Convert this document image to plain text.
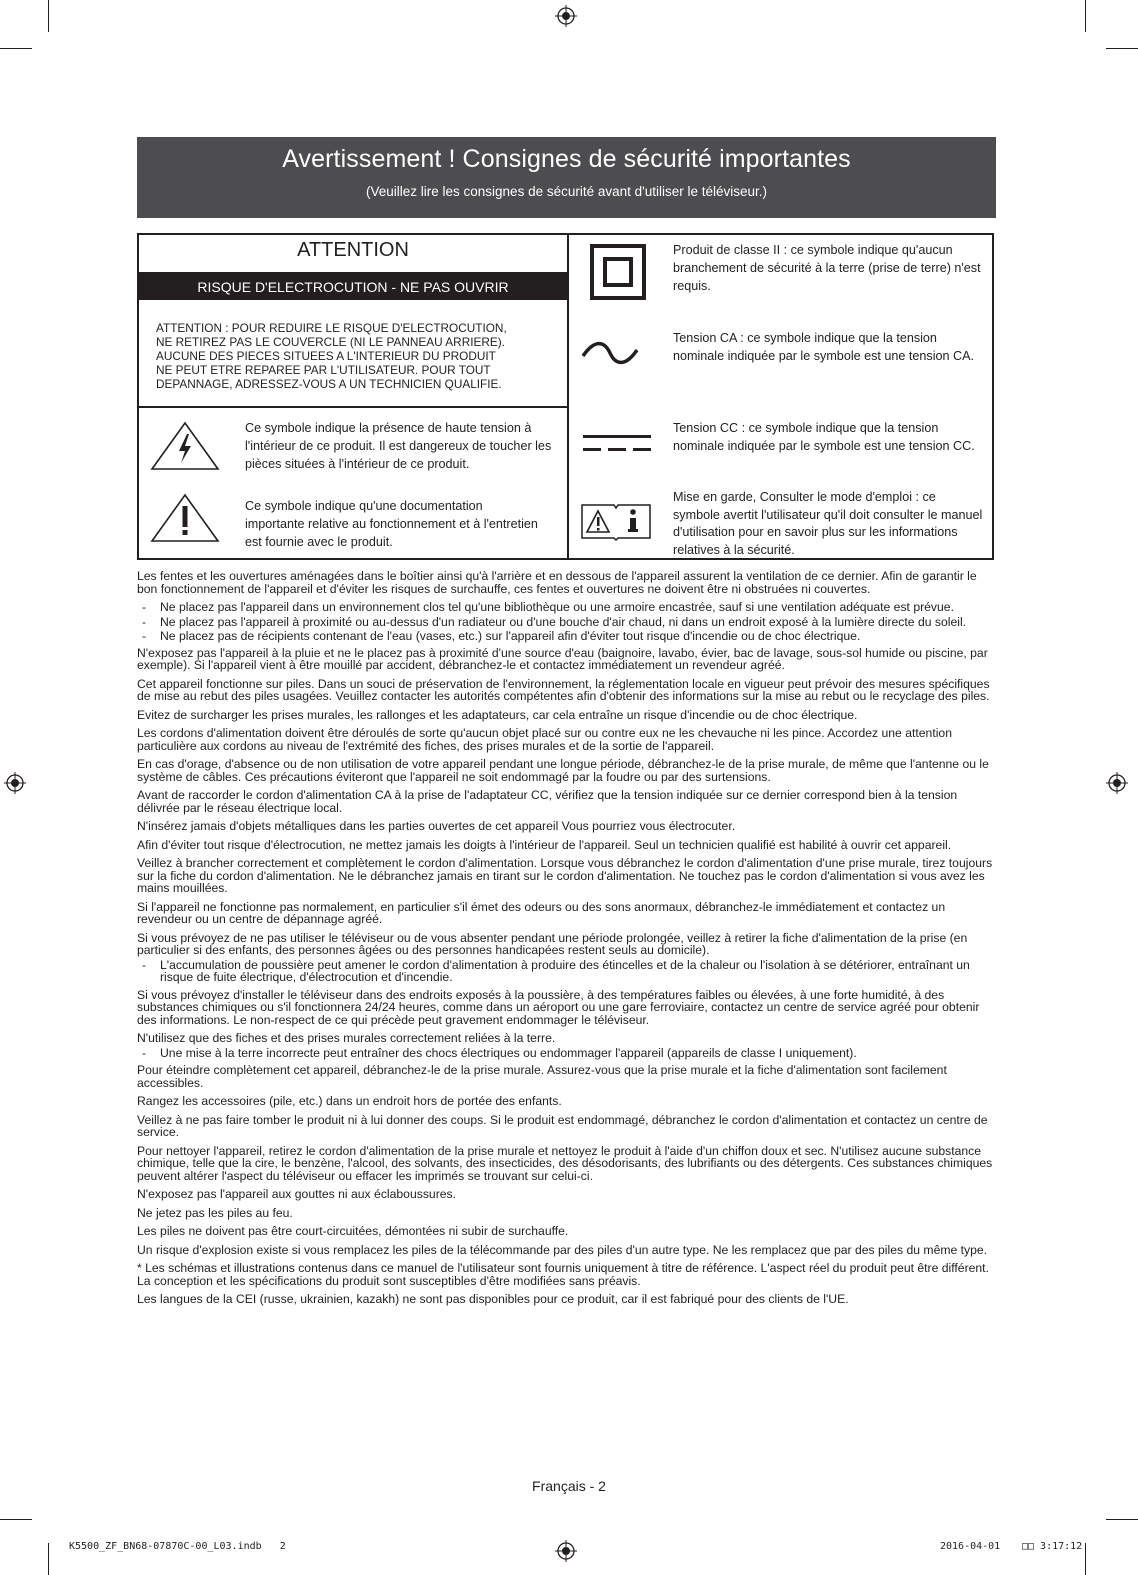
Avertissement ! Consignes de sécurité importantes
(Veuillez lire les consignes de sécurité avant d'utiliser le téléviseur.)
ATTENTION
RISQUE D'ELECTROCUTION - NE PAS OUVRIR
ATTENTION : POUR REDUIRE LE RISQUE D'ELECTROCUTION,
NE RETIREZ PAS LE COUVERCLE (NI LE PANNEAU ARRIERE).
AUCUNE DES PIECES SITUEES A L'INTERIEUR DU PRODUIT
NE PEUT ETRE REPAREE PAR L'UTILISATEUR. POUR TOUT
DEPANNAGE, ADRESSEZ-VOUS A UN TECHNICIEN QUALIFIE.
Ce symbole indique la présence de haute tension à l'intérieur de ce produit. Il est dangereux de toucher les pièces situées à l'intérieur de ce produit.
Ce symbole indique qu'une documentation importante relative au fonctionnement et à l'entretien est fournie avec le produit.
Produit de classe II : ce symbole indique qu'aucun branchement de sécurité à la terre (prise de terre) n'est requis.
Tension CA : ce symbole indique que la tension nominale indiquée par le symbole est une tension CA.
Tension CC : ce symbole indique que la tension nominale indiquée par le symbole est une tension CC.
Mise en garde, Consulter le mode d'emploi : ce symbole avertit l'utilisateur qu'il doit consulter le manuel d'utilisation pour en savoir plus sur les informations relatives à la sécurité.

Les fentes et les ouvertures aménagées dans le boîtier ainsi qu'à l'arrière et en dessous de l'appareil assurent la ventilation de ce dernier. Afin de garantir le bon fonctionnement de l'appareil et d'éviter les risques de surchauffe, ces fentes et ouvertures ne doivent être ni obstruées ni couvertes.

- Ne placez pas l'appareil dans un environnement clos tel qu'une bibliothèque ou une armoire encastrée, sauf si une ventilation adéquate est prévue.

- Ne placez pas l'appareil à proximité ou au-dessus d'un radiateur ou d'une bouche d'air chaud, ni dans un endroit exposé à la lumière directe du soleil.

- Ne placez pas de récipients contenant de l'eau (vases, etc.) sur l'appareil afin d'éviter tout risque d'incendie ou de choc électrique.

N'exposez pas l'appareil à la pluie et ne le placez pas à proximité d'une source d'eau (baignoire, lavabo, évier, bac de lavage, sous-sol humide ou piscine, par exemple). Si l'appareil vient à être mouillé par accident, débranchez-le et contactez immédiatement un revendeur agréé.

Cet appareil fonctionne sur piles. Dans un souci de préservation de l'environnement, la réglementation locale en vigueur peut prévoir des mesures spécifiques de mise au rebut des piles usagées. Veuillez contacter les autorités compétentes afin d'obtenir des informations sur la mise au rebut ou le recyclage des piles.

Evitez de surcharger les prises murales, les rallonges et les adaptateurs, car cela entraîne un risque d'incendie ou de choc électrique.

Les cordons d'alimentation doivent être déroulés de sorte qu'aucun objet placé sur ou contre eux ne les chevauche ni les pince. Accordez une attention particulière aux cordons au niveau de l'extrémité des fiches, des prises murales et de la sortie de l'appareil.

En cas d'orage, d'absence ou de non utilisation de votre appareil pendant une longue période, débranchez-le de la prise murale, de même que l'antenne ou le système de câbles. Ces précautions éviteront que l'appareil ne soit endommagé par la foudre ou par des surtensions.

Avant de raccorder le cordon d'alimentation CA à la prise de l'adaptateur CC, vérifiez que la tension indiquée sur ce dernier correspond bien à la tension délivrée par le réseau électrique local.

N'insérez jamais d'objets métalliques dans les parties ouvertes de cet appareil Vous pourriez vous électrocuter.

Afin d'éviter tout risque d'électrocution, ne mettez jamais les doigts à l'intérieur de l'appareil. Seul un technicien qualifié est habilité à ouvrir cet appareil.

Veillez à brancher correctement et complètement le cordon d'alimentation. Lorsque vous débranchez le cordon d'alimentation d'une prise murale, tirez toujours sur la fiche du cordon d'alimentation. Ne le débranchez jamais en tirant sur le cordon d'alimentation. Ne touchez pas le cordon d'alimentation si vous avez les mains mouillées.

Si l'appareil ne fonctionne pas normalement, en particulier s'il émet des odeurs ou des sons anormaux, débranchez-le immédiatement et contactez un revendeur ou un centre de dépannage agréé.

Si vous prévoyez de ne pas utiliser le téléviseur ou de vous absenter pendant une période prolongée, veillez à retirer la fiche d'alimentation de la prise (en particulier si des enfants, des personnes âgées ou des personnes handicapées restent seuls au domicile).

- L'accumulation de poussière peut amener le cordon d'alimentation à produire des étincelles et de la chaleur ou l'isolation à se détériorer, entraînant un risque de fuite électrique, d'électrocution et d'incendie.

Si vous prévoyez d'installer le téléviseur dans des endroits exposés à la poussière, à des températures faibles ou élevées, à une forte humidité, à des substances chimiques ou s'il fonctionnera 24/24 heures, comme dans un aéroport ou une gare ferroviaire, contactez un centre de service agréé pour obtenir des informations. Le non-respect de ce qui précède peut gravement endommager le téléviseur.

N'utilisez que des fiches et des prises murales correctement reliées à la terre.

- Une mise à la terre incorrecte peut entraîner des chocs électriques ou endommager l'appareil (appareils de classe I uniquement).

Pour éteindre complètement cet appareil, débranchez-le de la prise murale. Assurez-vous que la prise murale et la fiche d'alimentation sont facilement accessibles.

Rangez les accessoires (pile, etc.) dans un endroit hors de portée des enfants.

Veillez à ne pas faire tomber le produit ni à lui donner des coups. Si le produit est endommagé, débranchez le cordon d'alimentation et contactez un centre de service.

Pour nettoyer l'appareil, retirez le cordon d'alimentation de la prise murale et nettoyez le produit à l'aide d'un chiffon doux et sec. N'utilisez aucune substance chimique, telle que la cire, le benzène, l'alcool, des solvants, des insecticides, des désodorisants, des lubrifiants ou des détergents. Ces substances chimiques peuvent altérer l'aspect du téléviseur ou effacer les imprimés se trouvant sur celui-ci.

N'exposez pas l'appareil aux gouttes ni aux éclaboussures.

Ne jetez pas les piles au feu.

Les piles ne doivent pas être court-circuitées, démontées ni subir de surchauffe.

Un risque d'explosion existe si vous remplacez les piles de la télécommande par des piles d'un autre type. Ne les remplacez que par des piles du même type.

* Les schémas et illustrations contenus dans ce manuel de l'utilisateur sont fournis uniquement à titre de référence. L'aspect réel du produit peut être différent. La conception et les spécifications du produit sont susceptibles d'être modifiées sans préavis.

Les langues de la CEI (russe, ukrainien, kazakh) ne sont pas disponibles pour ce produit, car il est fabriqué pour des clients de l'UE.

Français - 2
K5500_ZF_BN68-07870C-00_L03.indb   2	2016-04-01 □□ 3:17:12
